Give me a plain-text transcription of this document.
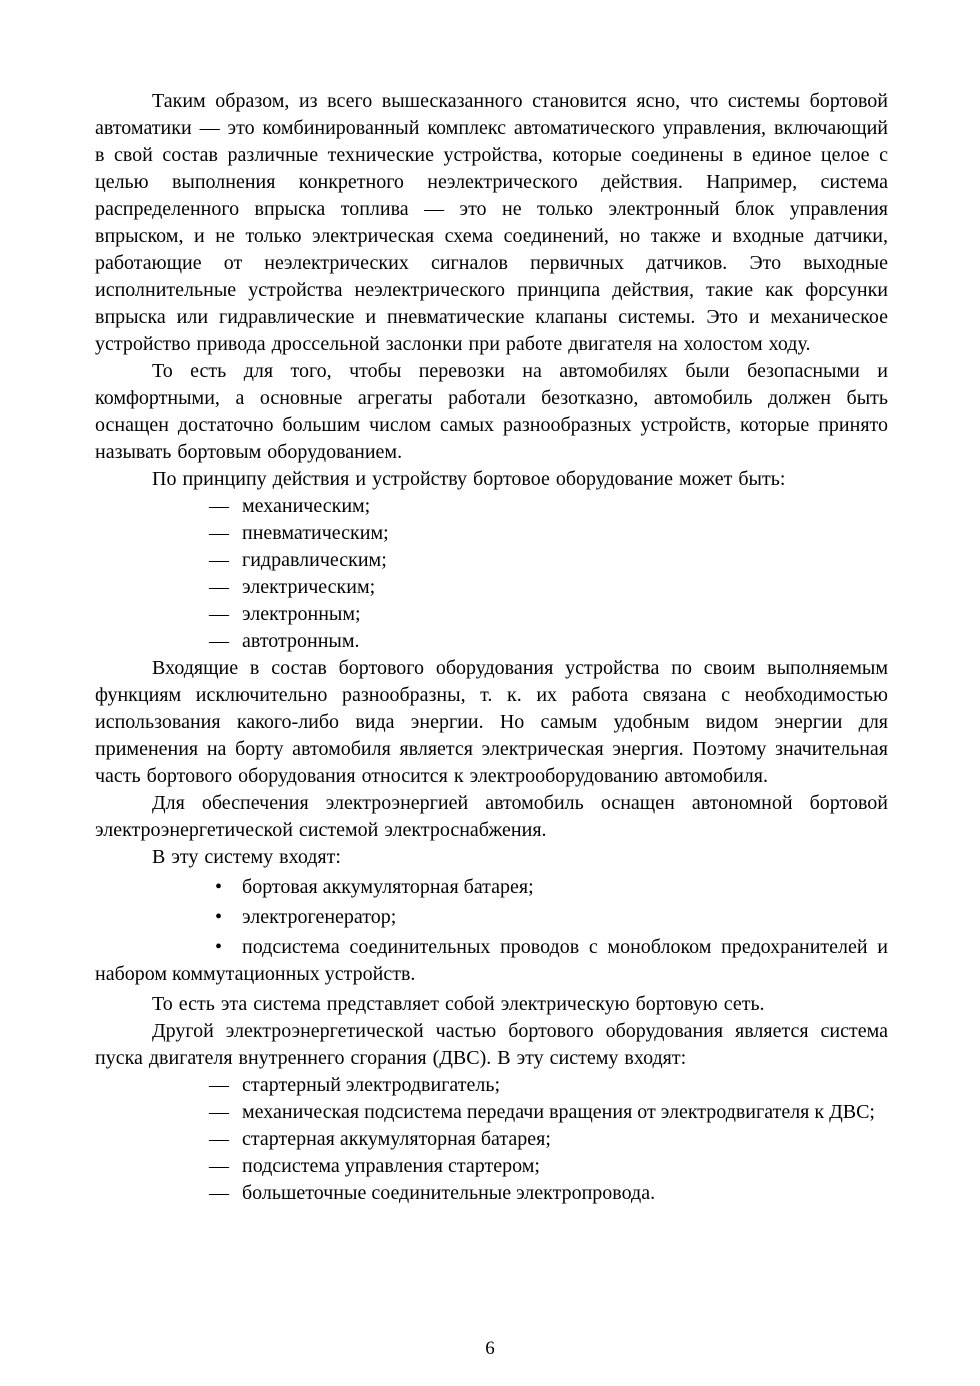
Таким образом, из всего вышесказанного становится ясно, что системы бортовой автоматики — это комбинированный комплекс автоматического управления, включающий в свой состав различные технические устройства, которые соединены в единое целое с целью выполнения конкретного неэлектрического действия. Например, система распределенного впрыска топлива — это не только электронный блок управления впрыском, и не только электрическая схема соединений, но также и входные датчики, работающие от неэлектрических сигналов первичных датчиков. Это выходные исполнительные устройства неэлектрического принципа действия, такие как форсунки впрыска или гидравлические и пневматические клапаны системы. Это и механическое устройство привода дроссельной заслонки при работе двигателя на холостом ходу.

То есть для того, чтобы перевозки на автомобилях были безопасными и комфортными, а основные агрегаты работали безотказно, автомобиль должен быть оснащен достаточно большим числом самых разнообразных устройств, которые принято называть бортовым оборудованием.

По принципу действия и устройству бортовое оборудование может быть:

— механическим;

— пневматическим;

— гидравлическим;

— электрическим;

— электронным;

— автотронным.

Входящие в состав бортового оборудования устройства по своим выполняемым функциям исключительно разнообразны, т. к. их работа связана с необходимостью использования какого-либо вида энергии. Но самым удобным видом энергии для применения на борту автомобиля является электрическая энергия. Поэтому значительная часть бортового оборудования относится к электрооборудованию автомобиля.

Для обеспечения электроэнергией автомобиль оснащен автономной бортовой электроэнергетической системой электроснабжения.

В эту систему входят:

• бортовая аккумуляторная батарея;

• электрогенератор;

• подсистема соединительных проводов с моноблоком предохранителей и набором коммутационных устройств.

То есть эта система представляет собой электрическую бортовую сеть.

Другой электроэнергетической частью бортового оборудования является система пуска двигателя внутреннего сгорания (ДВС). В эту систему входят:

— стартерный электродвигатель;

— механическая подсистема передачи вращения от электродвигателя к ДВС;

— стартерная аккумуляторная батарея;

— подсистема управления стартером;

— большеточные соединительные электропровода.

6
